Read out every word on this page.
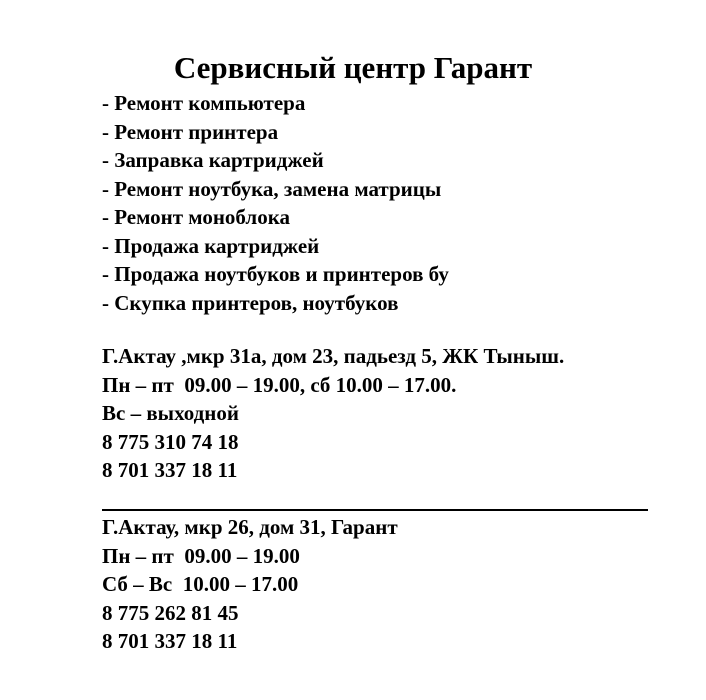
Сервисный центр Гарант
- Ремонт компьютера
- Ремонт принтера
- Заправка картриджей
- Ремонт ноутбука, замена матрицы
- Ремонт моноблока
- Продажа картриджей
- Продажа ноутбуков и принтеров бу
- Скупка принтеров, ноутбуков
Г.Актау ,мкр 31а, дом 23, падьезд 5, ЖК Тыныш.
Пн – пт  09.00 – 19.00, сб 10.00 – 17.00.
Вс – выходной
8 775 310 74 18
8 701 337 18 11
Г.Актау, мкр 26, дом 31, Гарант
Пн – пт  09.00 – 19.00
Сб – Вс  10.00 – 17.00
8 775 262 81 45
8 701 337 18 11
